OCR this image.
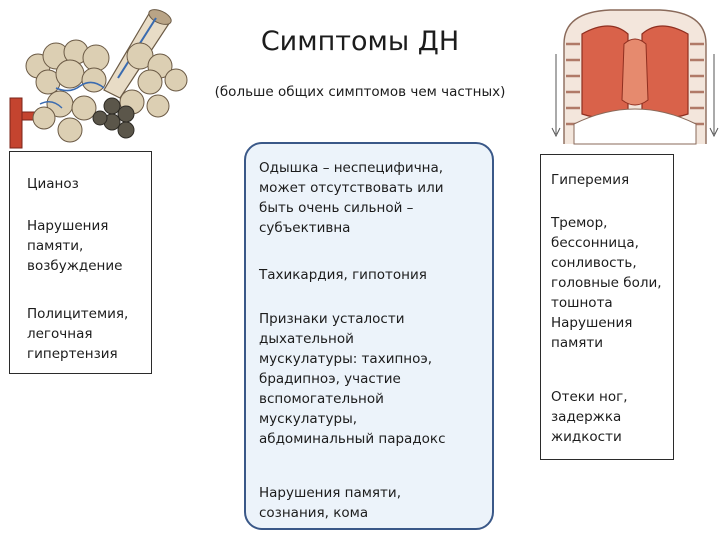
Симптомы ДН
(больше общих симптомов чем частных)
Цианоз
Нарушения
памяти,
возбуждение
Полицитемия,
легочная
гипертензия
Одышка – неспецифична,
может отсутствовать или
быть очень сильной –
субъективна
Тахикардия, гипотония
Признаки усталости
дыхательной
мускулатуры: тахипноэ,
брадипноэ, участие
вспомогательной
мускулатуры,
абдоминальный парадокс
Нарушения памяти,
сознания, кома
Гиперемия
Тремор,
бессонница,
сонливость,
головные боли,
тошнота
Нарушения
памяти
Отеки ног,
задержка
жидкости
